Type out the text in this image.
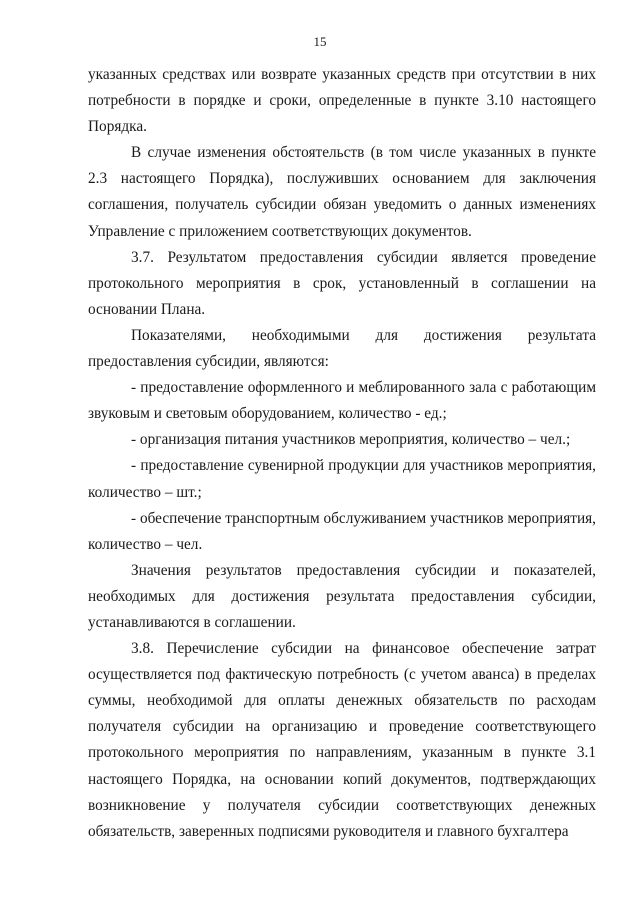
15

указанных средствах или возврате указанных средств при отсутствии в них потребности в порядке и сроки, определенные в пункте 3.10 настоящего Порядка.

В случае изменения обстоятельств (в том числе указанных в пункте 2.3 настоящего Порядка), послуживших основанием для заключения соглашения, получатель субсидии обязан уведомить о данных изменениях Управление с приложением соответствующих документов.

3.7. Результатом предоставления субсидии является проведение протокольного мероприятия в срок, установленный в соглашении на основании Плана.

Показателями, необходимыми для достижения результата предоставления субсидии, являются:

- предоставление оформленного и меблированного зала с работающим звуковым и световым оборудованием, количество - ед.;

- организация питания участников мероприятия, количество – чел.;

- предоставление сувенирной продукции для участников мероприятия, количество – шт.;

- обеспечение транспортным обслуживанием участников мероприятия, количество – чел.

Значения результатов предоставления субсидии и показателей, необходимых для достижения результата предоставления субсидии, устанавливаются в соглашении.

3.8. Перечисление субсидии на финансовое обеспечение затрат осуществляется под фактическую потребность (с учетом аванса) в пределах суммы, необходимой для оплаты денежных обязательств по расходам получателя субсидии на организацию и проведение соответствующего протокольного мероприятия по направлениям, указанным в пункте 3.1 настоящего Порядка, на основании копий документов, подтверждающих возникновение у получателя субсидии соответствующих денежных обязательств, заверенных подписями руководителя и главного бухгалтера
